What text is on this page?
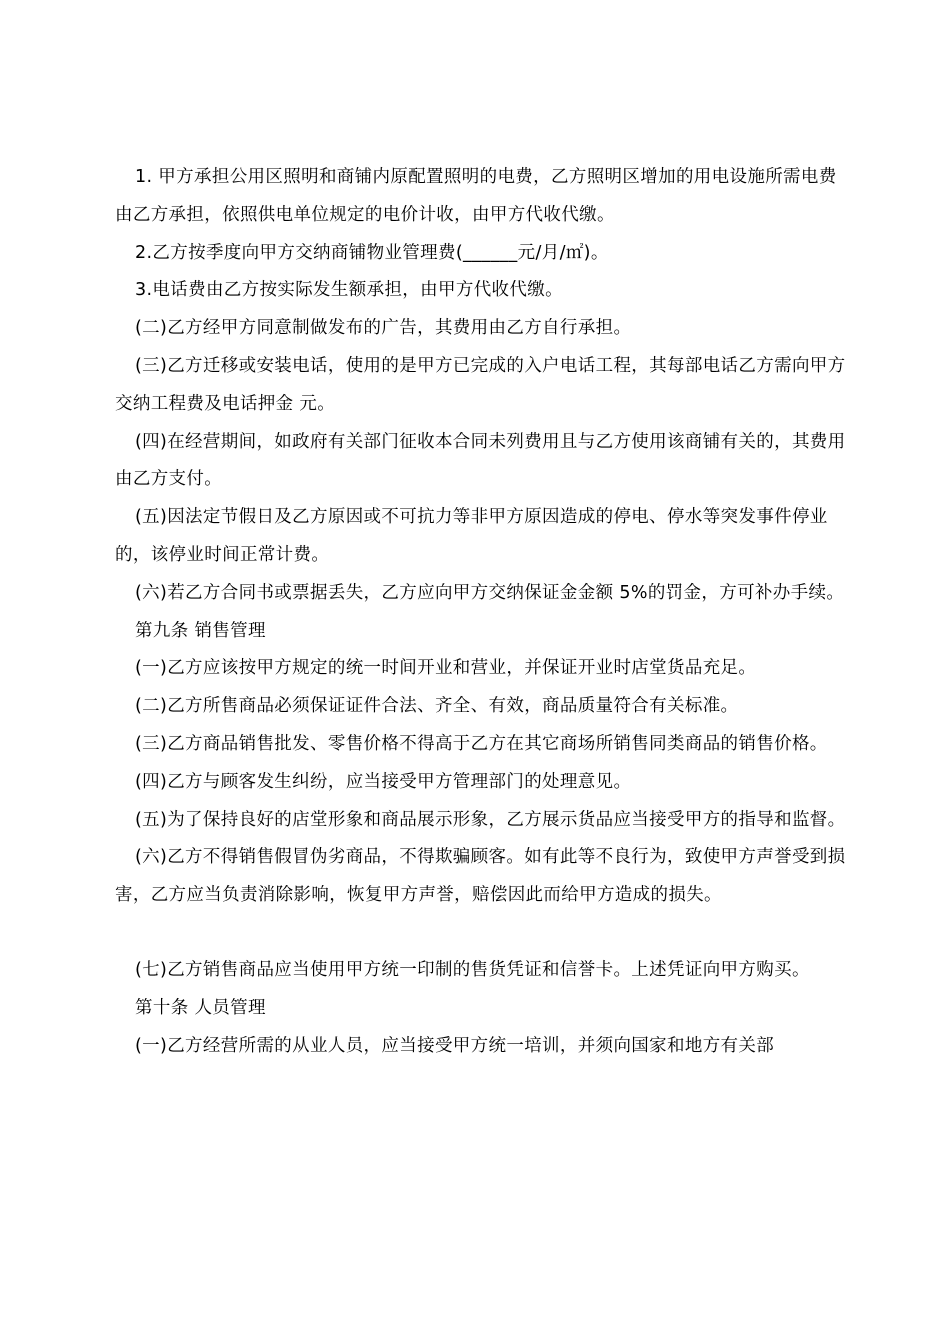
1. 甲方承担公用区照明和商铺内原配置照明的电费，乙方照明区增加的用电设施所需电费由乙方承担，依照供电单位规定的电价计收，由甲方代收代缴。

2.乙方按季度向甲方交纳商铺物业管理费(______元/月/㎡)。

3.电话费由乙方按实际发生额承担，由甲方代收代缴。

(二)乙方经甲方同意制做发布的广告，其费用由乙方自行承担。

(三)乙方迁移或安装电话，使用的是甲方已完成的入户电话工程，其每部电话乙方需向甲方交纳工程费及电话押金 元。

(四)在经营期间，如政府有关部门征收本合同未列费用且与乙方使用该商铺有关的，其费用由乙方支付。

(五)因法定节假日及乙方原因或不可抗力等非甲方原因造成的停电、停水等突发事件停业的，该停业时间正常计费。

(六)若乙方合同书或票据丢失，乙方应向甲方交纳保证金金额 5%的罚金，方可补办手续。

第九条 销售管理

(一)乙方应该按甲方规定的统一时间开业和营业，并保证开业时店堂货品充足。

(二)乙方所售商品必须保证证件合法、齐全、有效，商品质量符合有关标准。

(三)乙方商品销售批发、零售价格不得高于乙方在其它商场所销售同类商品的销售价格。

(四)乙方与顾客发生纠纷，应当接受甲方管理部门的处理意见。

(五)为了保持良好的店堂形象和商品展示形象，乙方展示货品应当接受甲方的指导和监督。

(六)乙方不得销售假冒伪劣商品，不得欺骗顾客。如有此等不良行为，致使甲方声誉受到损害，乙方应当负责消除影响，恢复甲方声誉，赔偿因此而给甲方造成的损失。

(七)乙方销售商品应当使用甲方统一印制的售货凭证和信誉卡。上述凭证向甲方购买。

第十条 人员管理

(一)乙方经营所需的从业人员，应当接受甲方统一培训，并须向国家和地方有关部
